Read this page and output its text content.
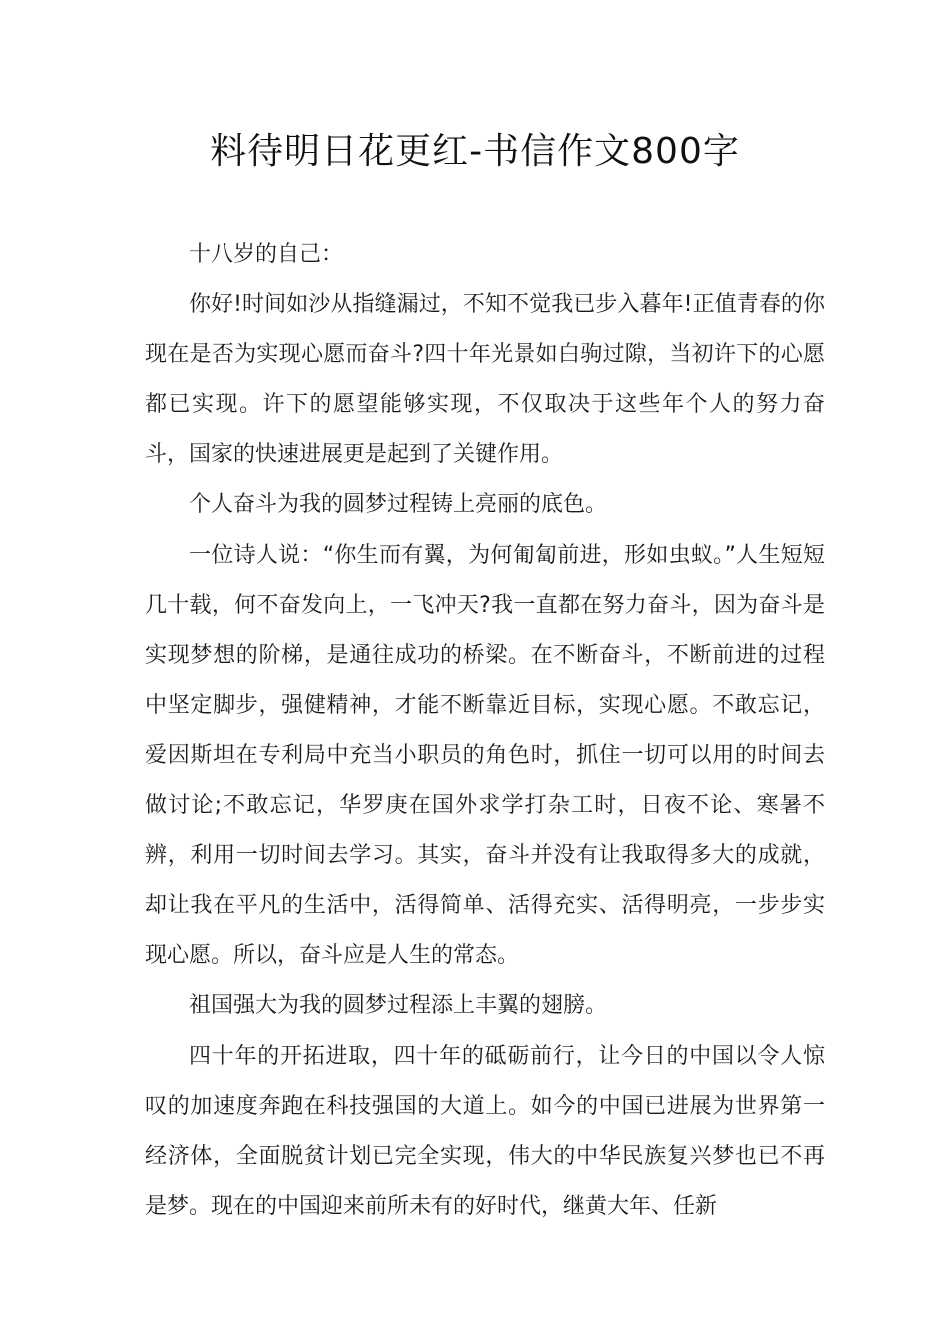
料待明日花更红-书信作文800字

十八岁的自己：

你好!时间如沙从指缝漏过，不知不觉我已步入暮年!正值青春的你现在是否为实现心愿而奋斗?四十年光景如白驹过隙，当初许下的心愿都已实现。许下的愿望能够实现，不仅取决于这些年个人的努力奋斗，国家的快速进展更是起到了关键作用。

个人奋斗为我的圆梦过程铸上亮丽的底色。

一位诗人说：“你生而有翼，为何匍匐前进，形如虫蚁。”人生短短几十载，何不奋发向上，一飞冲天?我一直都在努力奋斗，因为奋斗是实现梦想的阶梯，是通往成功的桥梁。在不断奋斗，不断前进的过程中坚定脚步，强健精神，才能不断靠近目标，实现心愿。不敢忘记，爱因斯坦在专利局中充当小职员的角色时，抓住一切可以用的时间去做讨论;不敢忘记，华罗庚在国外求学打杂工时，日夜不论、寒暑不辨，利用一切时间去学习。其实，奋斗并没有让我取得多大的成就，却让我在平凡的生活中，活得简单、活得充实、活得明亮，一步步实现心愿。所以，奋斗应是人生的常态。

祖国强大为我的圆梦过程添上丰翼的翅膀。

四十年的开拓进取，四十年的砥砺前行，让今日的中国以令人惊叹的加速度奔跑在科技强国的大道上。如今的中国已进展为世界第一经济体，全面脱贫计划已完全实现，伟大的中华民族复兴梦也已不再是梦。现在的中国迎来前所未有的好时代，继黄大年、任新
